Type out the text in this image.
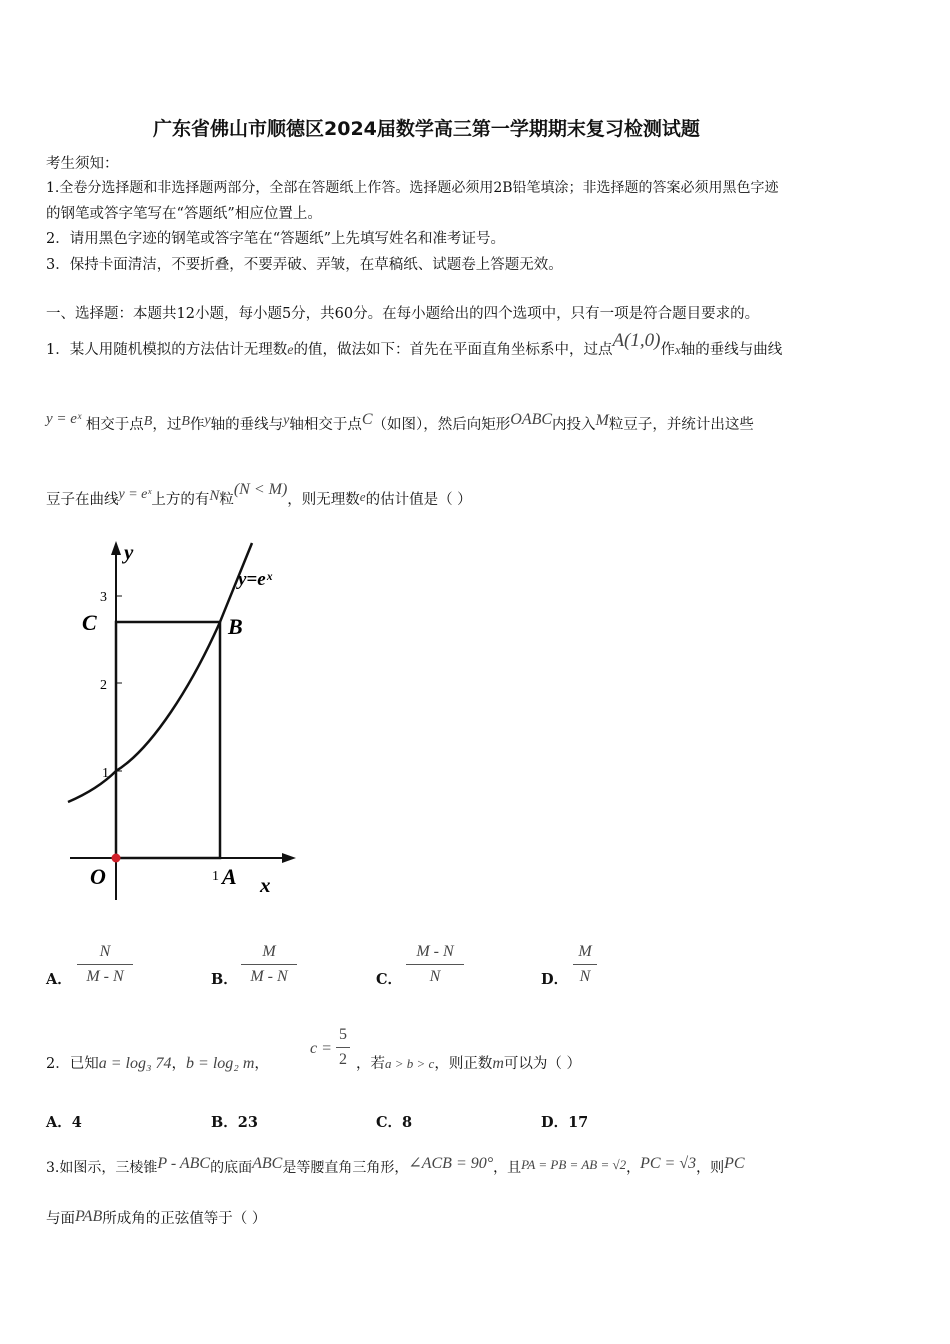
广东省佛山市顺德区2024届数学高三第一学期期末复习检测试题
考生须知：
1.全卷分选择题和非选择题两部分，全部在答题纸上作答。选择题必须用2B铅笔填涂；非选择题的答案必须用黑色字迹
的钢笔或答字笔写在“答题纸”相应位置上。
2．请用黑色字迹的钢笔或答字笔在“答题纸”上先填写姓名和准考证号。
3．保持卡面清洁，不要折叠，不要弄破、弄皱，在草稿纸、试题卷上答题无效。
一、选择题：本题共12小题，每小题5分，共60分。在每小题给出的四个选项中，只有一项是符合题目要求的。
1．某人用随机模拟的方法估计无理数e的值，做法如下：首先在平面直角坐标系中，过点A(1,0)作x轴的垂线与曲线
y = eˣ 相交于点B，过B作y轴的垂线与y轴相交于点C（如图），然后向矩形OABC内投入M粒豆子，并统计出这些
豆子在曲线y = eˣ上方的有N粒(N < M)，则无理数e的估计值是（ ）
y
y=eˣ
C	B
3
2
1
O	1 A x
A．
N
M - N	B．
M
M - N	C．
M - N
N	D．
M
N
2．已知a = log₃ 74，b = log₂ m，
c =
5
2 ，若a > b > c，则正数m可以为（ ）
A．4	B．23	C．8	D．17
3.如图示，三棱锥P - ABC的底面ABC是等腰直角三角形，∠ACB = 90°，且PA = PB = AB = √2，PC = √3，则PC
与面PAB所成角的正弦值等于（ ）
